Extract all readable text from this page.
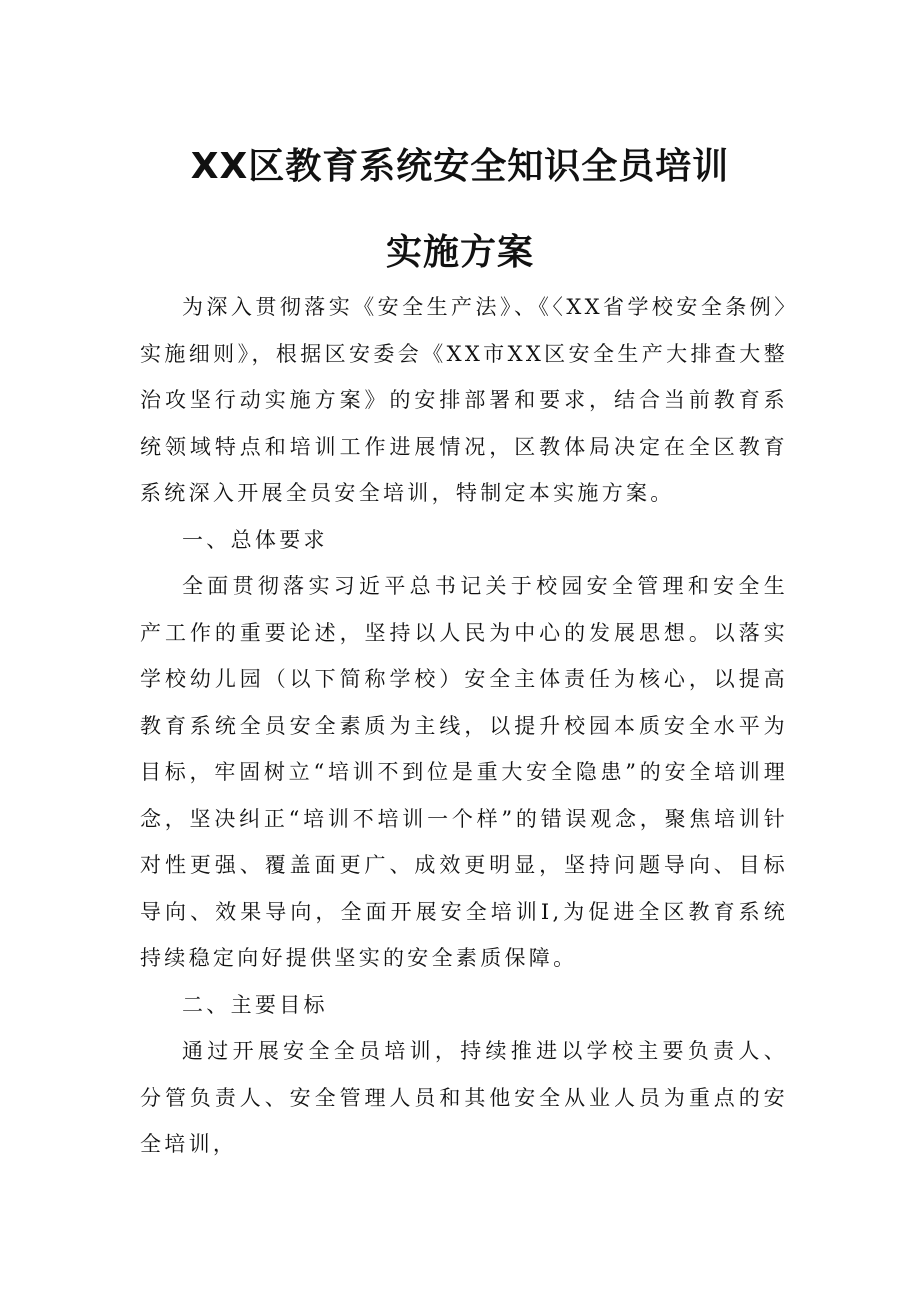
XX区教育系统安全知识全员培训
实施方案

为深入贯彻落实《安全生产法》、《〈XX省学校安全条例〉实施细则》，根据区安委会《XX市XX区安全生产大排查大整治攻坚行动实施方案》的安排部署和要求，结合当前教育系统领域特点和培训工作进展情况，区教体局决定在全区教育系统深入开展全员安全培训，特制定本实施方案。

一、总体要求

全面贯彻落实习近平总书记关于校园安全管理和安全生产工作的重要论述，坚持以人民为中心的发展思想。以落实学校幼儿园（以下简称学校）安全主体责任为核心，以提高教育系统全员安全素质为主线，以提升校园本质安全水平为目标，牢固树立“培训不到位是重大安全隐患”的安全培训理念，坚决纠正“培训不培训一个样”的错误观念，聚焦培训针对性更强、覆盖面更广、成效更明显，坚持问题导向、目标导向、效果导向，全面开展安全培训I,为促进全区教育系统持续稳定向好提供坚实的安全素质保障。

二、主要目标

通过开展安全全员培训，持续推进以学校主要负责人、分管负责人、安全管理人员和其他安全从业人员为重点的安全培训，
